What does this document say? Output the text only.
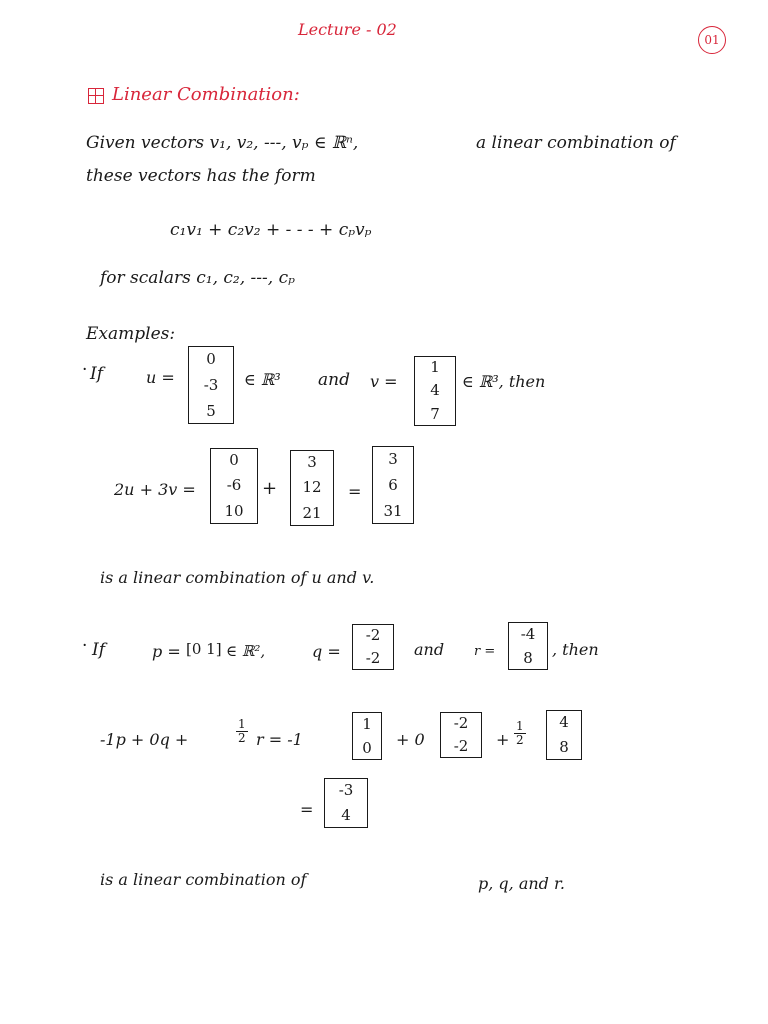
Lecture - 02
01
Linear Combination:
Given vectors v₁, v₂, ---, vₚ ∈ ℝⁿ,	a linear combination of
these vectors has the form
c₁v₁ + c₂v₂ + - - - + cₚvₚ
for scalars c₁, c₂, ---, cₚ
Examples:
· If	u =
0
-3
5
∈ ℝ³ and v =
1
4
7
∈ ℝ³, then
2u + 3v =
0
-6
10
+
3
12
21
=
3
6
31
is a linear combination of u and v.
· If	p = [0 1] ∈ ℝ²,	q =
-2
-2 and r =
-4
8 , then
-1p + 0q +	$\frac{1}{2}$ r = -1
1
0 + 0
-2
$-2 + \frac{1}{2} 4$
8
=
-3
4
is a linear combination of	p, q, and r.
